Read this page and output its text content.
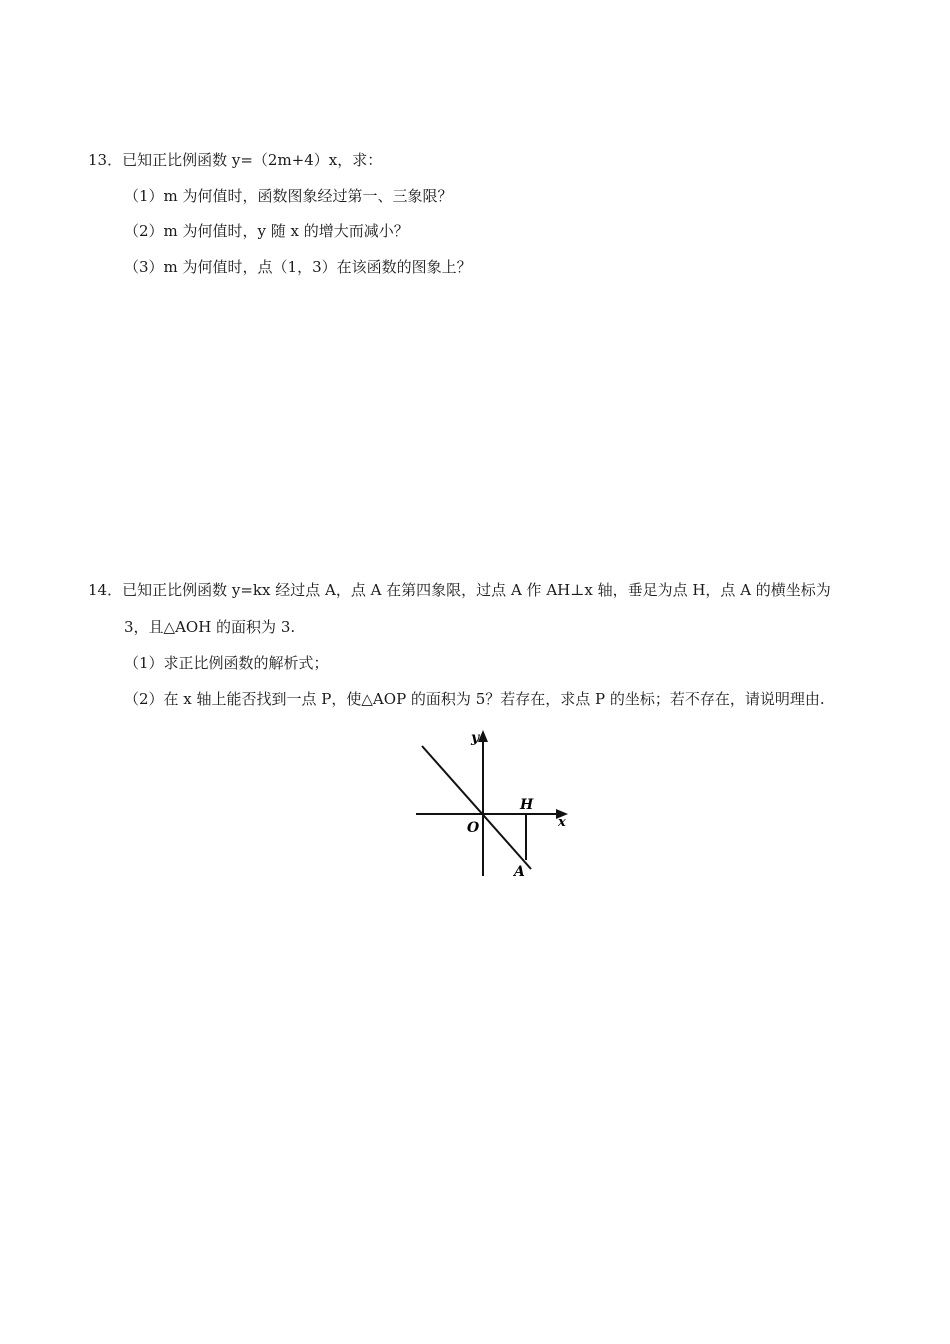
13．已知正比例函数 y=（2m+4）x，求：
（1）m 为何值时，函数图象经过第一、三象限？
（2）m 为何值时，y 随 x 的增大而减小？
（3）m 为何值时，点（1，3）在该函数的图象上？
14．已知正比例函数 y=kx 经过点 A，点 A 在第四象限，过点 A 作 AH⊥x 轴，垂足为点 H，点 A 的横坐标为
3，且△AOH 的面积为 3.
（1）求正比例函数的解析式；
（2）在 x 轴上能否找到一点 P，使△AOP 的面积为 5？若存在，求点 P 的坐标；若不存在，请说明理由.
y
x
O
H
A
